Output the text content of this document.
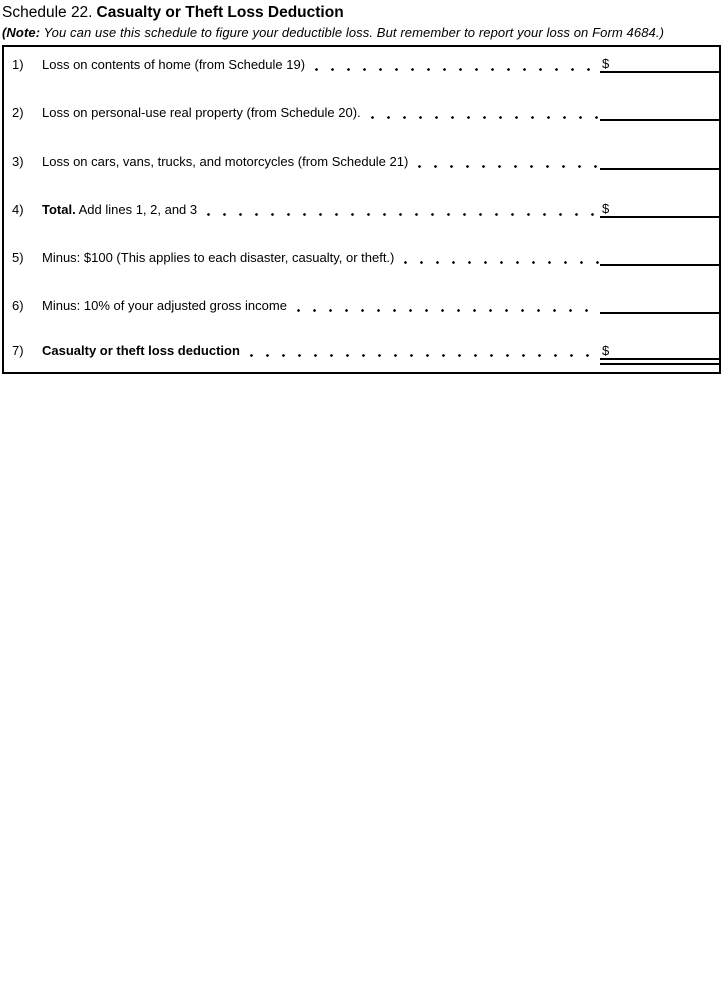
Schedule 22. Casualty or Theft Loss Deduction

(Note: You can use this schedule to figure your deductible loss. But remember to report your loss on Form 4684.)

1)	Loss on contents of home (from Schedule 19)	$
2)	Loss on personal-use real property (from Schedule 20).
3)	Loss on cars, vans, trucks, and motorcycles (from Schedule 21)
4)	Total. Add lines 1, 2, and 3	$
5)	Minus: $100 (This applies to each disaster, casualty, or theft.)
6)	Minus: 10% of your adjusted gross income
7)	Casualty or theft loss deduction	$
